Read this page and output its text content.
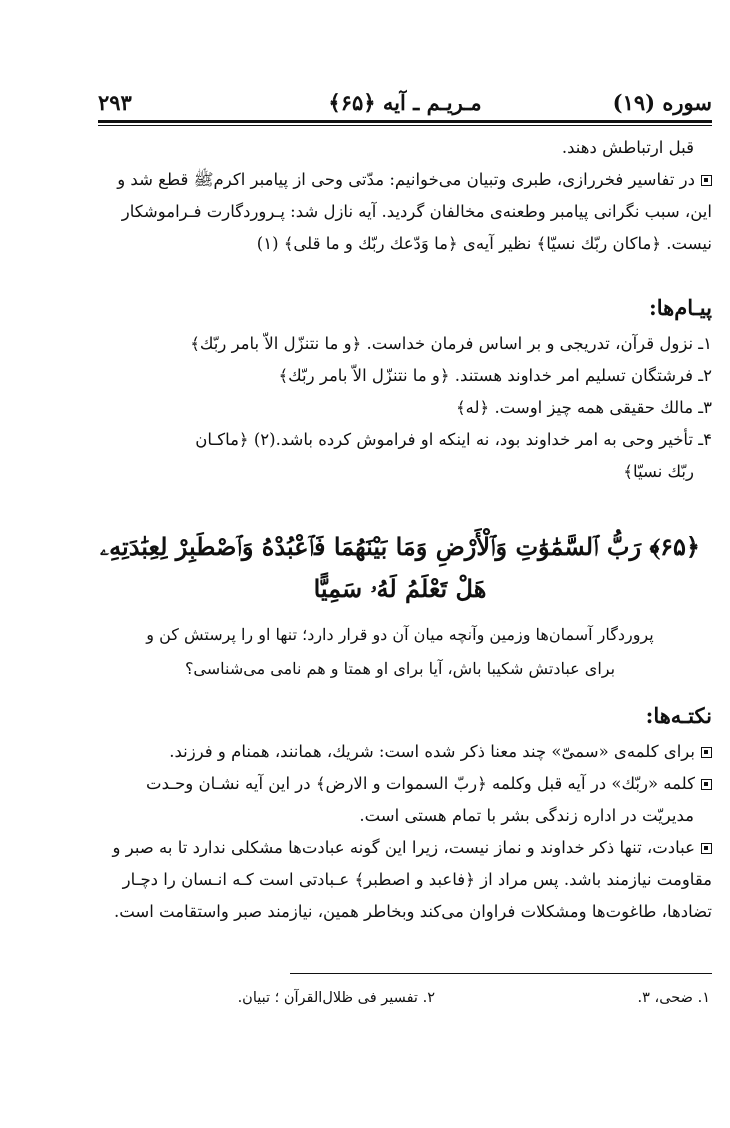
سوره (۱۹)
مـريـم ـ آيه ﴿۶۵﴾
۲۹۳
قبل ارتباطش دهند.
در تفاسير فخررازى، طبرى وتبيان مى‌خوانيم: مدّتى وحى از پيامبر اكرمﷺ قطع شد و
اين، سبب نگرانى پيامبر وطعنه‌ى مخالفان گرديد. آيه نازل شد: پـروردگارت فـراموشكار
نيست. ﴿ماكان ربّك نسيّا﴾ نظير آيه‌ى ﴿ما وَدّعك ربّك و ما قلى﴾ (۱)
پيـام‌ها:
۱ـ نزول قرآن، تدريجى و بر اساس فرمان خداست. ﴿و ما نتنزّل الاّ بامر ربّك﴾
۲ـ فرشتگان تسليم امر خداوند هستند. ﴿و ما نتنزّل الاّ بامر ربّك﴾
۳ـ مالك حقيقى همه چيز اوست. ﴿له﴾
۴ـ تأخير وحى به امر خداوند بود، نه اينكه او فراموش كرده باشد.(۲) ﴿ماكـان
ربّك نسيّا﴾
﴿۶۵﴾ رَبُّ ٱلسَّمَٰوَٰتِ وَٱلْأَرْضِ وَمَا بَيْنَهُمَا فَٱعْبُدْهُ وَٱصْطَبِرْ لِعِبَٰدَتِهِۦ
هَلْ تَعْلَمُ لَهُۥ سَمِيًّا
پروردگار آسمان‌ها وزمين وآنچه ميان آن دو قرار دارد؛ تنها او را پرستش كن و
براى عبادتش شكيبا باش، آيا براى او همتا و هم نامى مى‌شناسى؟
نكتـه‌ها:
براى كلمه‌ى «سمىّ» چند معنا ذكر شده است: شريك، همانند، همنام و فرزند.
كلمه «ربّك» در آيه قبل وكلمه ﴿ربّ السموات و الارض﴾ در اين آيه نشـان وحـدت
مديريّت در اداره زندگى بشر با تمام هستى است.
عبادت، تنها ذكر خداوند و نماز نيست، زيرا اين گونه عبادت‌ها مشكلى ندارد تا به صبر و
مقاومت نيازمند باشد. پس مراد از ﴿فاعبد و اصطبر﴾ عـبادتى است كـه انـسان را دچـار
تضادها، طاغوت‌ها ومشكلات فراوان مى‌كند وبخاطر همين، نيازمند صبر واستقامت است.
۱. ضحى، ۳.
۲. تفسير فى ظلال‌القرآن ؛ تبيان.
